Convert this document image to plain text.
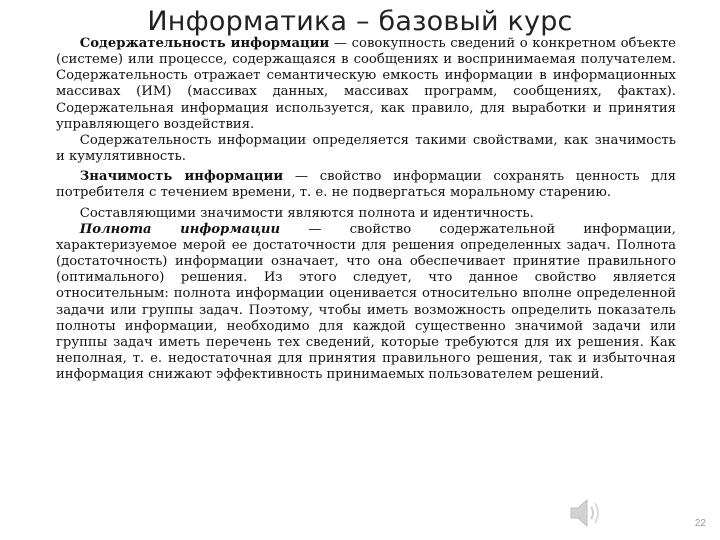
Информатика – базовый курс

Содержательность информации — совокупность сведений о конкретном объекте (системе) или процессе, содержащаяся в сообщениях и воспринимаемая получателем. Содержательность отражает семантическую емкость информации в информационных массивах (ИМ) (массивах данных, массивах программ, сообщениях, фактах). Содержательная информация используется, как правило, для выработки и принятия управляющего воздействия.

Содержательность информации определяется такими свойствами, как значимость и кумулятивность.

Значимость информации — свойство информации сохранять ценность для потребителя с течением времени, т. е. не подвергаться моральному старению.

Составляющими значимости являются полнота и идентичность.

Полнота информации — свойство содержательной информации, характеризуемое мерой ее достаточности для решения определенных задач. Полнота (достаточность) информации означает, что она обеспечивает принятие правильного (оптимального) решения. Из этого следует, что данное свойство является относительным: полнота информации оценивается относительно вполне определенной задачи или группы задач. Поэтому, чтобы иметь возможность определить показатель полноты информации, необходимо для каждой существенно значимой задачи или группы задач иметь перечень тех сведений, которые требуются для их решения. Как неполная, т. е. недостаточная для принятия правильного решения, так и избыточная информация снижают эффективность принимаемых пользователем решений.

22
